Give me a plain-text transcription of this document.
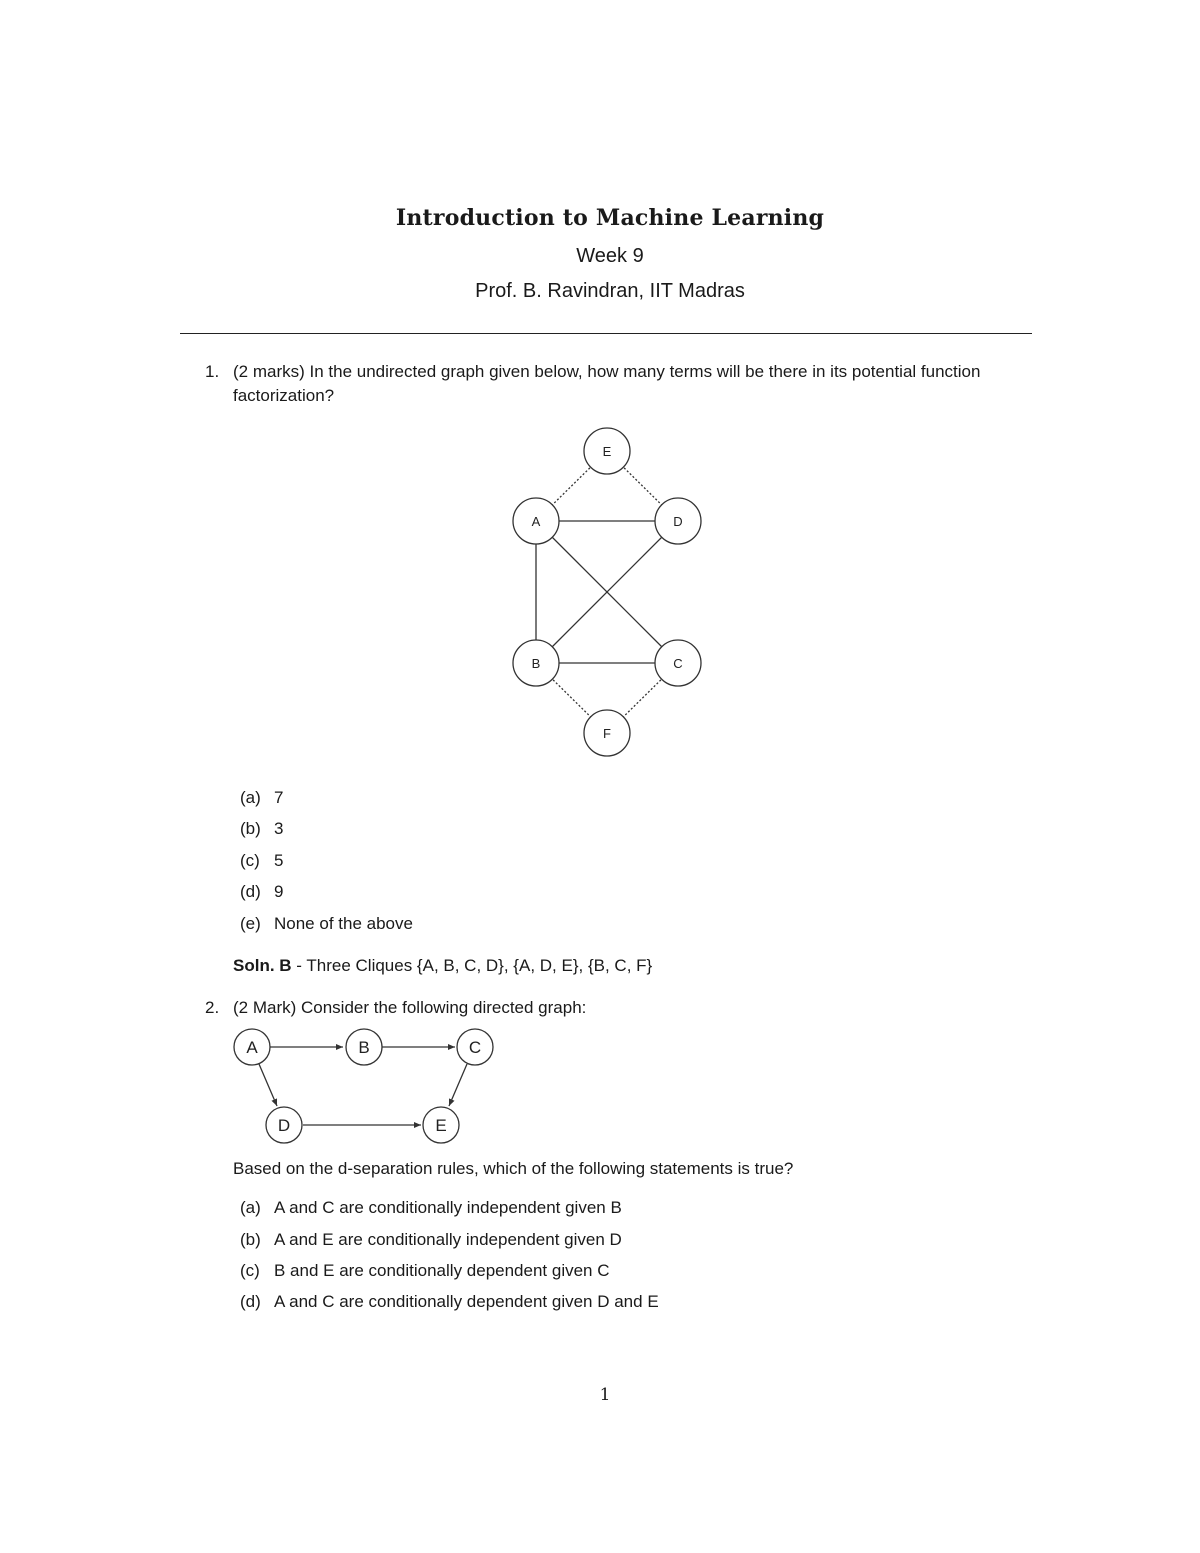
Introduction to Machine Learning
Week 9
Prof. B. Ravindran, IIT Madras
1. (2 marks) In the undirected graph given below, how many terms will be there in its potential function factorization?
E
A	D
B	C
F
(a) 7
(b) 3
(c) 5
(d) 9
(e) None of the above
Soln. B - Three Cliques {A, B, C, D}, {A, D, E}, {B, C, F}
2. (2 Mark) Consider the following directed graph:
A	B	C
D	E
Based on the d-separation rules, which of the following statements is true?
(a) A and C are conditionally independent given B
(b) A and E are conditionally independent given D
(c) B and E are conditionally dependent given C
(d) A and C are conditionally dependent given D and E
1
